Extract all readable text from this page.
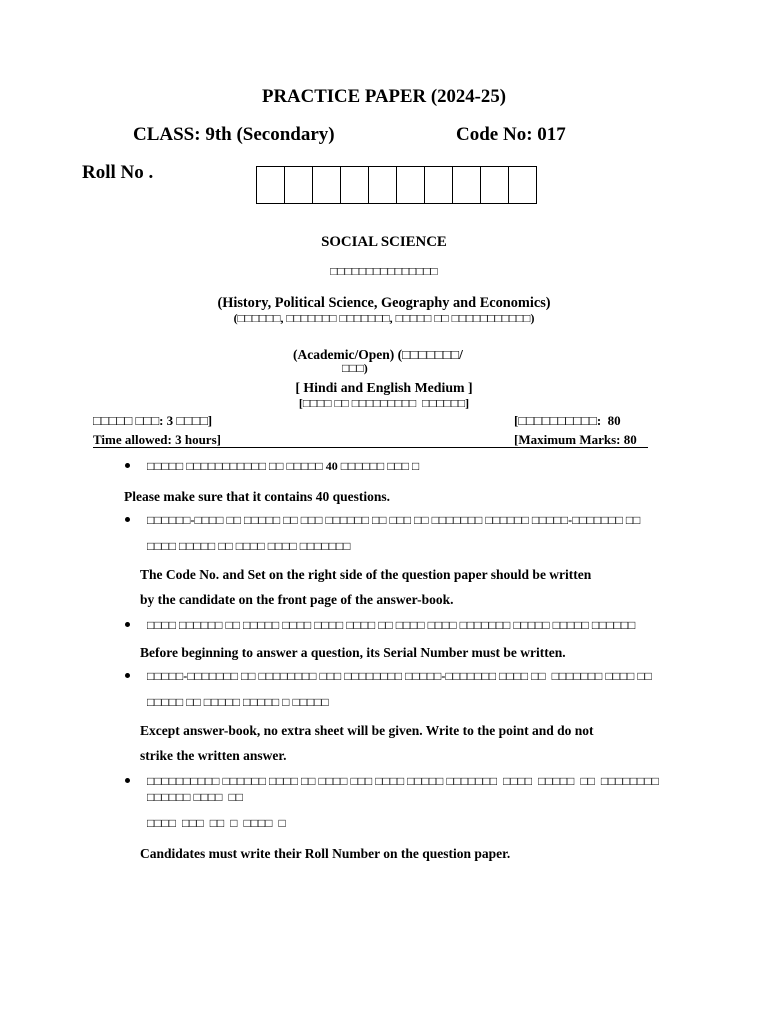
PRACTICE PAPER (2024-25)
CLASS: 9th (Secondary)	Code No: 017
Roll No .
SOCIAL SCIENCE
□□□□□□□□□□□□□□□
(History, Political Science, Geography and Economics)
(□□□□□□, □□□□□□□ □□□□□□□, □□□□□ □□ □□□□□□□□□□□)
(Academic/Open) (□□□□□□□/
□□□)
[ Hindi and English Medium ]
[□□□□ □□ □□□□□□□□□  □□□□□□]
□□□□□ □□□: 3 □□□□]	[□□□□□□□□□□:  80
Time allowed: 3 hours]	[Maximum Marks: 80
□□□□□ □□□□□□□□□□□ □□ □□□□□ 40 □□□□□□ □□□ □
Please make sure that it contains 40 questions.
□□□□□□-□□□□ □□ □□□□□ □□ □□□ □□□□□□ □□ □□□ □□ □□□□□□□ □□□□□□ □□□□□-□□□□□□□ □□
□□□□ □□□□□ □□ □□□□ □□□□ □□□□□□□
The Code No. and Set on the right side of the question paper should be written
by the candidate on the front page of the answer-book.
□□□□ □□□□□□ □□ □□□□□ □□□□ □□□□ □□□□ □□ □□□□ □□□□ □□□□□□□ □□□□□ □□□□□ □□□□□□
Before beginning to answer a question, its Serial Number must be written.
□□□□□-□□□□□□□ □□ □□□□□□□□ □□□ □□□□□□□□ □□□□□-□□□□□□□ □□□□ □□  □□□□□□□ □□□□ □□
□□□□□ □□ □□□□□ □□□□□ □ □□□□□
Except answer-book, no extra sheet will be given. Write to the point and do not
strike the written answer.
□□□□□□□□□□ □□□□□□ □□□□ □□ □□□□ □□□ □□□□ □□□□□ □□□□□□□  □□□□  □□□□□  □□  □□□□□□□□
□□□□□□ □□□□  □□
□□□□  □□□  □□  □  □□□□  □
Candidates must write their Roll Number on the question paper.
